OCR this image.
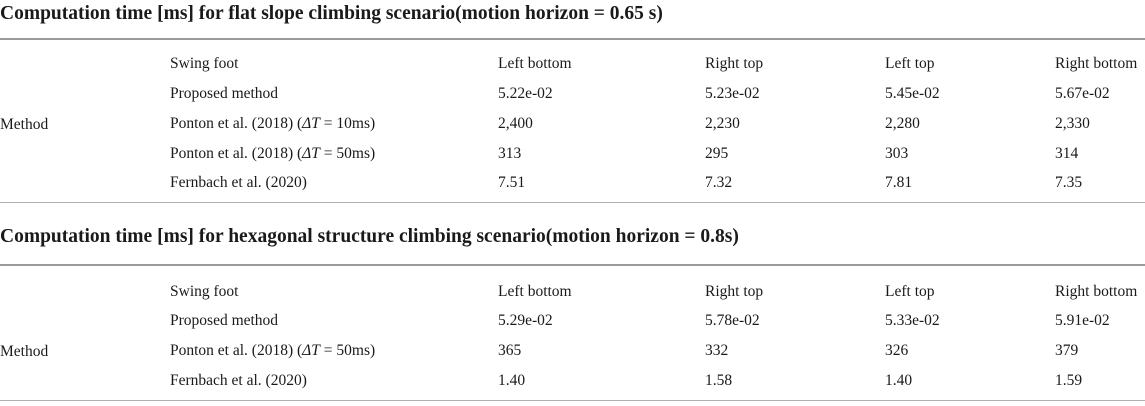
Computation time [ms] for flat slope climbing scenario(motion horizon = 0.65 s)
Method
Swing foot	Left bottom	Right top	Left top	Right bottom
Proposed method	5.22e-02	5.23e-02	5.45e-02	5.67e-02
Ponton et al. (2018) (ΔT = 10ms)	2,400	2,230	2,280	2,330
Ponton et al. (2018) (ΔT = 50ms)	313	295	303	314
Fernbach et al. (2020)	7.51	7.32	7.81	7.35
Computation time [ms] for hexagonal structure climbing scenario(motion horizon = 0.8s)
Method
Swing foot	Left bottom	Right top	Left top	Right bottom
Proposed method	5.29e-02	5.78e-02	5.33e-02	5.91e-02
Ponton et al. (2018) (ΔT = 50ms)	365	332	326	379
Fernbach et al. (2020)	1.40	1.58	1.40	1.59
